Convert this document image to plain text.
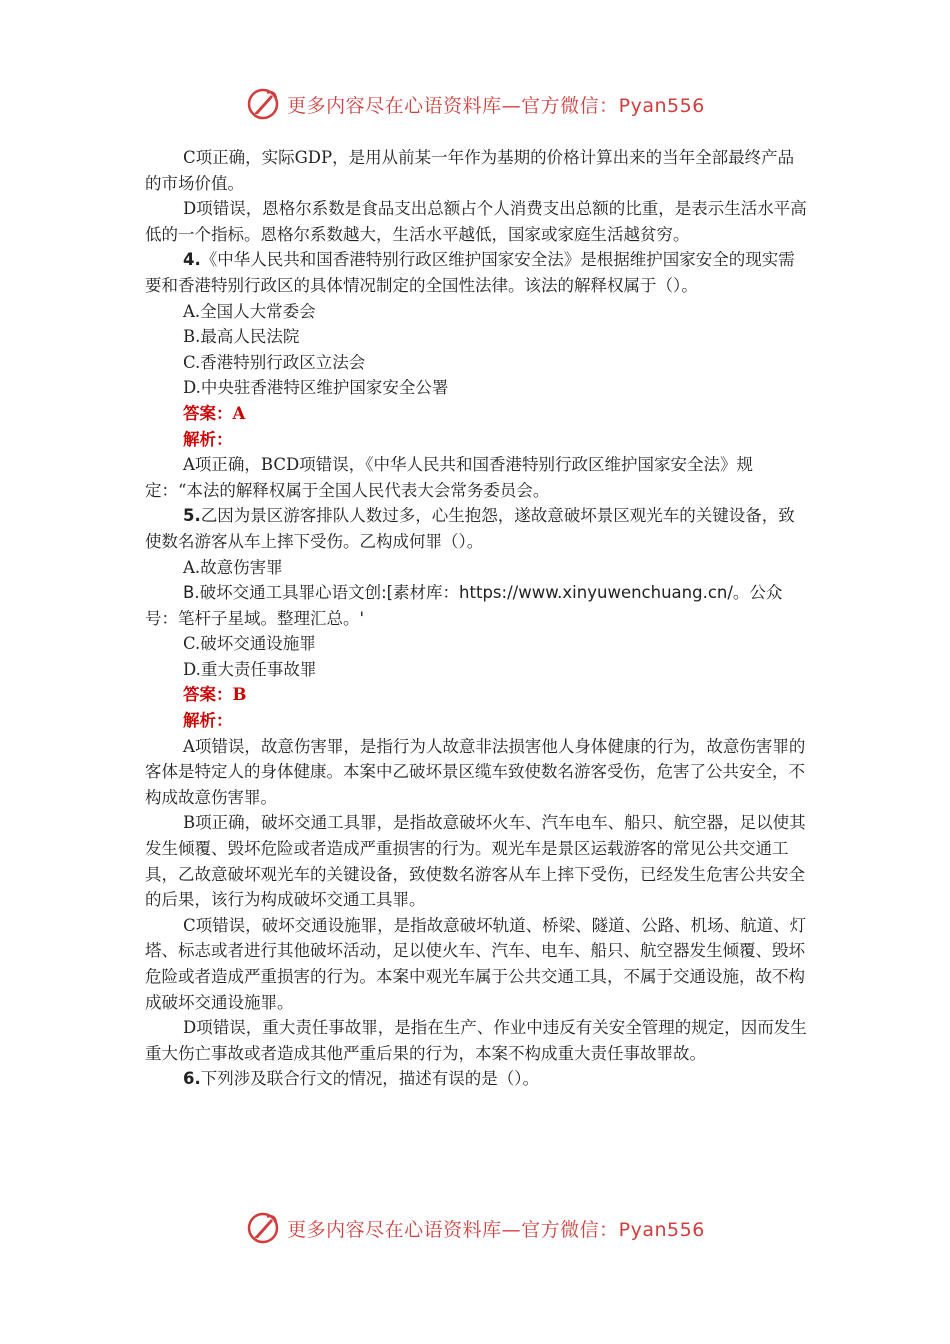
更多内容尽在心语资料库—官方微信：Pyan556

C项正确，实际GDP，是用从前某一年作为基期的价格计算出来的当年全部最终产品的市场价值。

D项错误，恩格尔系数是食品支出总额占个人消费支出总额的比重，是表示生活水平高低的一个指标。恩格尔系数越大，生活水平越低，国家或家庭生活越贫穷。

4.《中华人民共和国香港特别行政区维护国家安全法》是根据维护国家安全的现实需要和香港特别行政区的具体情况制定的全国性法律。该法的解释权属于（）。

A.全国人大常委会

B.最高人民法院

C.香港特别行政区立法会

D.中央驻香港特区维护国家安全公署

答案：A

解析：

A项正确，BCD项错误，《中华人民共和国香港特别行政区维护国家安全法》规定：“本法的解释权属于全国人民代表大会常务委员会。

5.乙因为景区游客排队人数过多，心生抱怨，遂故意破坏景区观光车的关键设备，致使数名游客从车上摔下受伤。乙构成何罪（）。

A.故意伤害罪

B.破坏交通工具罪心语文创:[素材库：https://www.xinyuwenchuang.cn/。公众号：笔杆子星域。整理汇总。'

C.破坏交通设施罪

D.重大责任事故罪

答案：B

解析：

A项错误，故意伤害罪，是指行为人故意非法损害他人身体健康的行为，故意伤害罪的客体是特定人的身体健康。本案中乙破坏景区缆车致使数名游客受伤，危害了公共安全，不构成故意伤害罪。

B项正确，破坏交通工具罪，是指故意破坏火车、汽车电车、船只、航空器，足以使其发生倾覆、毁坏危险或者造成严重损害的行为。观光车是景区运载游客的常见公共交通工具，乙故意破坏观光车的关键设备，致使数名游客从车上摔下受伤，已经发生危害公共安全的后果，该行为构成破坏交通工具罪。

C项错误，破坏交通设施罪，是指故意破坏轨道、桥梁、隧道、公路、机场、航道、灯塔、标志或者进行其他破坏活动，足以使火车、汽车、电车、船只、航空器发生倾覆、毁坏危险或者造成严重损害的行为。本案中观光车属于公共交通工具，不属于交通设施，故不构成破坏交通设施罪。

D项错误，重大责任事故罪，是指在生产、作业中违反有关安全管理的规定，因而发生重大伤亡事故或者造成其他严重后果的行为，本案不构成重大责任事故罪故。

6.下列涉及联合行文的情况，描述有误的是（）。

更多内容尽在心语资料库—官方微信：Pyan556
